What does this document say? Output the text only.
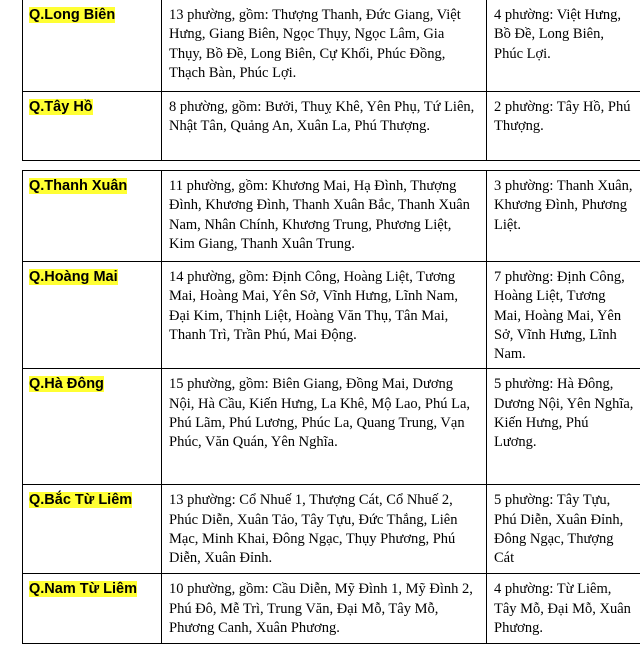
Q.Long Biên	13 phường, gồm: Thượng Thanh, Đức Giang, Việt Hưng, Giang Biên, Ngọc Thụy, Ngọc Lâm, Gia Thụy, Bồ Đề, Long Biên, Cự Khối, Phúc Đồng, Thạch Bàn, Phúc Lợi.	4 phường: Việt Hưng, Bồ Đề, Long Biên, Phúc Lợi.
Q.Tây Hồ	8 phường, gồm: Bưởi, Thuỵ Khê, Yên Phụ, Tứ Liên, Nhật Tân, Quảng An, Xuân La, Phú Thượng.	2 phường: Tây Hồ, Phú Thượng.
Q.Thanh Xuân	11 phường, gồm: Khương Mai, Hạ Đình, Thượng Đình, Khương Đình, Thanh Xuân Bắc, Thanh Xuân Nam, Nhân Chính, Khương Trung, Phương Liệt, Kim Giang, Thanh Xuân Trung.	3 phường: Thanh Xuân, Khương Đình, Phương Liệt.
Q.Hoàng Mai	14 phường, gồm: Định Công, Hoàng Liệt, Tương Mai, Hoàng Mai, Yên Sở, Vĩnh Hưng, Lĩnh Nam, Đại Kim, Thịnh Liệt, Hoàng Văn Thụ, Tân Mai, Thanh Trì, Trần Phú, Mai Động.	7 phường: Định Công, Hoàng Liệt, Tương Mai, Hoàng Mai, Yên Sở, Vĩnh Hưng, Lĩnh Nam.
Q.Hà Đông	15 phường, gồm: Biên Giang, Đồng Mai, Dương Nội, Hà Cầu, Kiến Hưng, La Khê, Mộ Lao, Phú La, Phú Lãm, Phú Lương, Phúc La, Quang Trung, Vạn Phúc, Văn Quán, Yên Nghĩa.	5 phường: Hà Đông, Dương Nội, Yên Nghĩa, Kiến Hưng, Phú Lương.
Q.Bắc Từ Liêm	13 phường: Cổ Nhuế 1, Thượng Cát, Cổ Nhuế 2, Phúc Diễn, Xuân Tảo, Tây Tựu, Đức Thắng, Liên Mạc, Minh Khai, Đông Ngạc, Thụy Phương, Phú Diễn, Xuân Đỉnh.	5 phường: Tây Tựu, Phú Diễn, Xuân Đỉnh, Đông Ngạc, Thượng Cát
Q.Nam Từ Liêm	10 phường, gồm: Cầu Diễn, Mỹ Đình 1, Mỹ Đình 2, Phú Đô, Mễ Trì, Trung Văn, Đại Mỗ, Tây Mỗ, Phương Canh, Xuân Phương.	4 phường: Từ Liêm, Tây Mỗ, Đại Mỗ, Xuân Phương.
